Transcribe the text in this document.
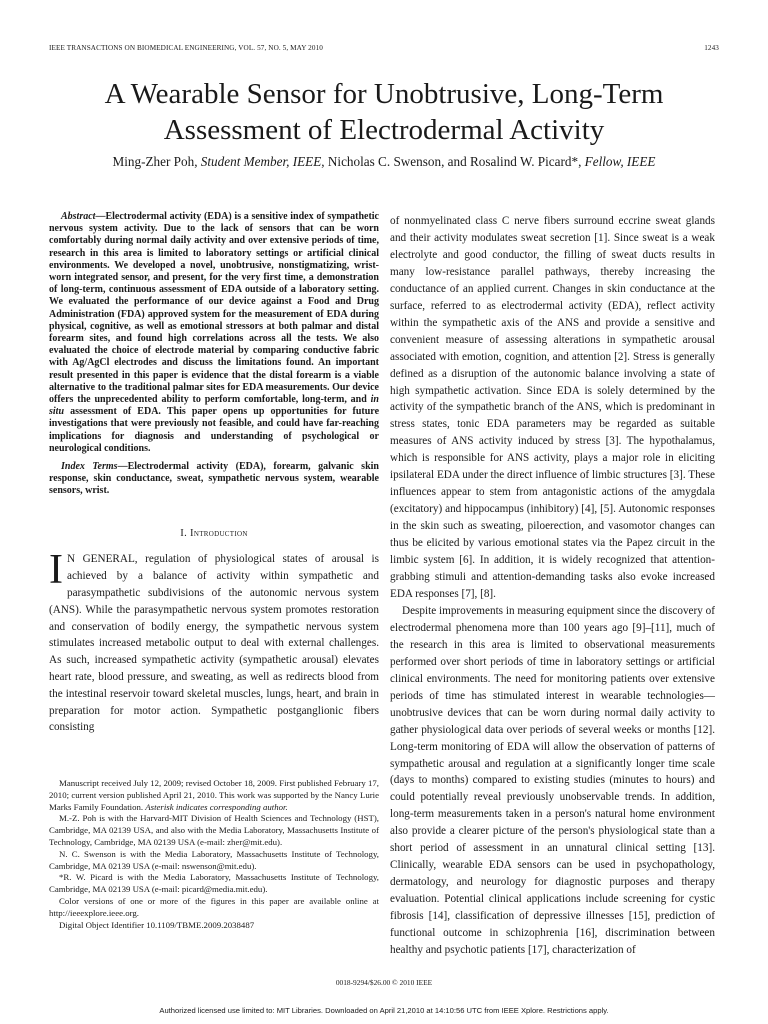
IEEE TRANSACTIONS ON BIOMEDICAL ENGINEERING, VOL. 57, NO. 5, MAY 2010	1243
A Wearable Sensor for Unobtrusive, Long-Term
Assessment of Electrodermal Activity
Ming-Zher Poh, Student Member, IEEE, Nicholas C. Swenson, and Rosalind W. Picard*, Fellow, IEEE

Abstract—Electrodermal activity (EDA) is a sensitive index of sympathetic nervous system activity. Due to the lack of sensors that can be worn comfortably during normal daily activity and over extensive periods of time, research in this area is limited to laboratory settings or artificial clinical environments. We developed a novel, unobtrusive, nonstigmatizing, wrist-worn integrated sensor, and present, for the very first time, a demonstration of long-term, continuous assessment of EDA outside of a laboratory setting. We evaluated the performance of our device against a Food and Drug Administration (FDA) approved system for the measurement of EDA during physical, cognitive, as well as emotional stressors at both palmar and distal forearm sites, and found high correlations across all the tests. We also evaluated the choice of electrode material by comparing conductive fabric with Ag/AgCl electrodes and discuss the limitations found. An important result presented in this paper is evidence that the distal forearm is a viable alternative to the traditional palmar sites for EDA measurements. Our device offers the unprecedented ability to perform comfortable, long-term, and in situ assessment of EDA. This paper opens up opportunities for future investigations that were previously not feasible, and could have far-reaching implications for diagnosis and understanding of psychological or neurological conditions.

Index Terms—Electrodermal activity (EDA), forearm, galvanic skin response, skin conductance, sweat, sympathetic nervous system, wearable sensors, wrist.

I. Introduction

I N GENERAL, regulation of physiological states of arousal is achieved by a balance of activity within sympathetic and parasympathetic subdivisions of the autonomic nervous system (ANS). While the parasympathetic nervous system promotes restoration and conservation of bodily energy, the sympathetic nervous system stimulates increased metabolic output to deal with external challenges. As such, increased sympathetic activity (sympathetic arousal) elevates heart rate, blood pressure, and sweating, as well as redirects blood from the intestinal reservoir toward skeletal muscles, lungs, heart, and brain in preparation for motor action. Sympathetic postganglionic fibers consisting

Manuscript received July 12, 2009; revised October 18, 2009. First published February 17, 2010; current version published April 21, 2010. This work was supported by the Nancy Lurie Marks Family Foundation. Asterisk indicates corresponding author.

M.-Z. Poh is with the Harvard-MIT Division of Health Sciences and Technology (HST), Cambridge, MA 02139 USA, and also with the Media Laboratory, Massachusetts Institute of Technology, Cambridge, MA 02139 USA (e-mail: zher@mit.edu).

N. C. Swenson is with the Media Laboratory, Massachusetts Institute of Technology, Cambridge, MA 02139 USA (e-mail: nswenson@mit.edu).

*R. W. Picard is with the Media Laboratory, Massachusetts Institute of Technology, Cambridge, MA 02139 USA (e-mail: picard@media.mit.edu).

Color versions of one or more of the figures in this paper are available online at http://ieeexplore.ieee.org.

Digital Object Identifier 10.1109/TBME.2009.2038487

of nonmyelinated class C nerve fibers surround eccrine sweat glands and their activity modulates sweat secretion [1]. Since sweat is a weak electrolyte and good conductor, the filling of sweat ducts results in many low-resistance parallel pathways, thereby increasing the conductance of an applied current. Changes in skin conductance at the surface, referred to as electrodermal activity (EDA), reflect activity within the sympathetic axis of the ANS and provide a sensitive and convenient measure of assessing alterations in sympathetic arousal associated with emotion, cognition, and attention [2]. Stress is generally defined as a disruption of the autonomic balance involving a state of high sympathetic activation. Since EDA is solely determined by the activity of the sympathetic branch of the ANS, which is predominant in stress states, tonic EDA parameters may be regarded as suitable measures of ANS activity induced by stress [3]. The hypothalamus, which is responsible for ANS activity, plays a major role in eliciting ipsilateral EDA under the direct influence of limbic structures [3]. These influences appear to stem from antagonistic actions of the amygdala (excitatory) and hippocampus (inhibitory) [4], [5]. Autonomic responses in the skin such as sweating, piloerection, and vasomotor changes can thus be elicited by various emotional states via the Papez circuit in the limbic system [6]. In addition, it is widely recognized that attention-grabbing stimuli and attention-demanding tasks also evoke increased EDA responses [7], [8].

Despite improvements in measuring equipment since the discovery of electrodermal phenomena more than 100 years ago [9]–[11], much of the research in this area is limited to observational measurements performed over short periods of time in laboratory settings or artificial clinical environments. The need for monitoring patients over extensive periods of time has stimulated interest in wearable technologies—unobtrusive devices that can be worn during normal daily activity to gather physiological data over periods of several weeks or months [12]. Long-term monitoring of EDA will allow the observation of patterns of sympathetic arousal and regulation at a significantly longer time scale (days to months) compared to existing studies (minutes to hours) and could potentially reveal previously unobservable trends. In addition, long-term measurements taken in a person's natural home environment also provide a clearer picture of the person's physiological state than a short period of assessment in an unnatural clinical setting [13]. Clinically, wearable EDA sensors can be used in psychopathology, dermatology, and neurology for diagnostic purposes and therapy evaluation. Potential clinical applications include screening for cystic fibrosis [14], classification of depressive illnesses [15], prediction of functional outcome in schizophrenia [16], discrimination between healthy and psychotic patients [17], characterization of

0018-9294/$26.00 © 2010 IEEE
Authorized licensed use limited to: MIT Libraries. Downloaded on April 21,2010 at 14:10:56 UTC from IEEE Xplore. Restrictions apply.
